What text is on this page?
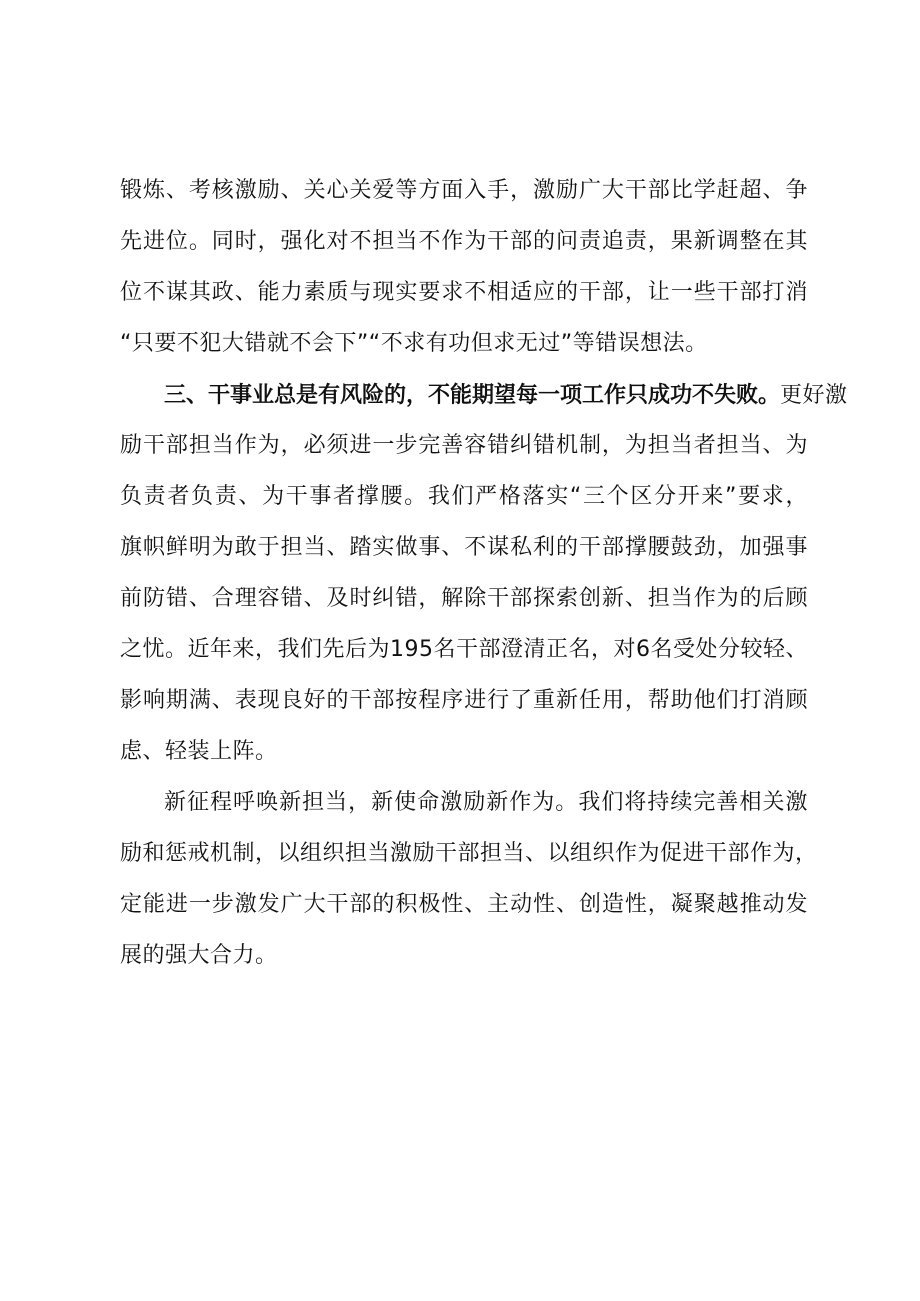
锻炼、考核激励、关心关爱等方面入手，激励广大干部比学赶超、争
先进位。同时，强化对不担当不作为干部的问责追责，果新调整在其
位不谋其政、能力素质与现实要求不相适应的干部，让一些干部打消
“只要不犯大错就不会下”“不求有功但求无过”等错误想法。
三、干事业总是有风险的，不能期望每一项工作只成功不失败。更好激
励干部担当作为，必须进一步完善容错纠错机制，为担当者担当、为
负责者负责、为干事者撑腰。我们严格落实“三个区分开来”要求，
旗帜鲜明为敢于担当、踏实做事、不谋私利的干部撑腰鼓劲，加强事
前防错、合理容错、及时纠错，解除干部探索创新、担当作为的后顾
之忧。近年来，我们先后为195名干部澄清正名，对6名受处分较轻、
影响期满、表现良好的干部按程序进行了重新任用，帮助他们打消顾
虑、轻装上阵。
新征程呼唤新担当，新使命激励新作为。我们将持续完善相关激
励和惩戒机制，以组织担当激励干部担当、以组织作为促进干部作为，
定能进一步激发广大干部的积极性、主动性、创造性，凝聚越推动发
展的强大合力。
